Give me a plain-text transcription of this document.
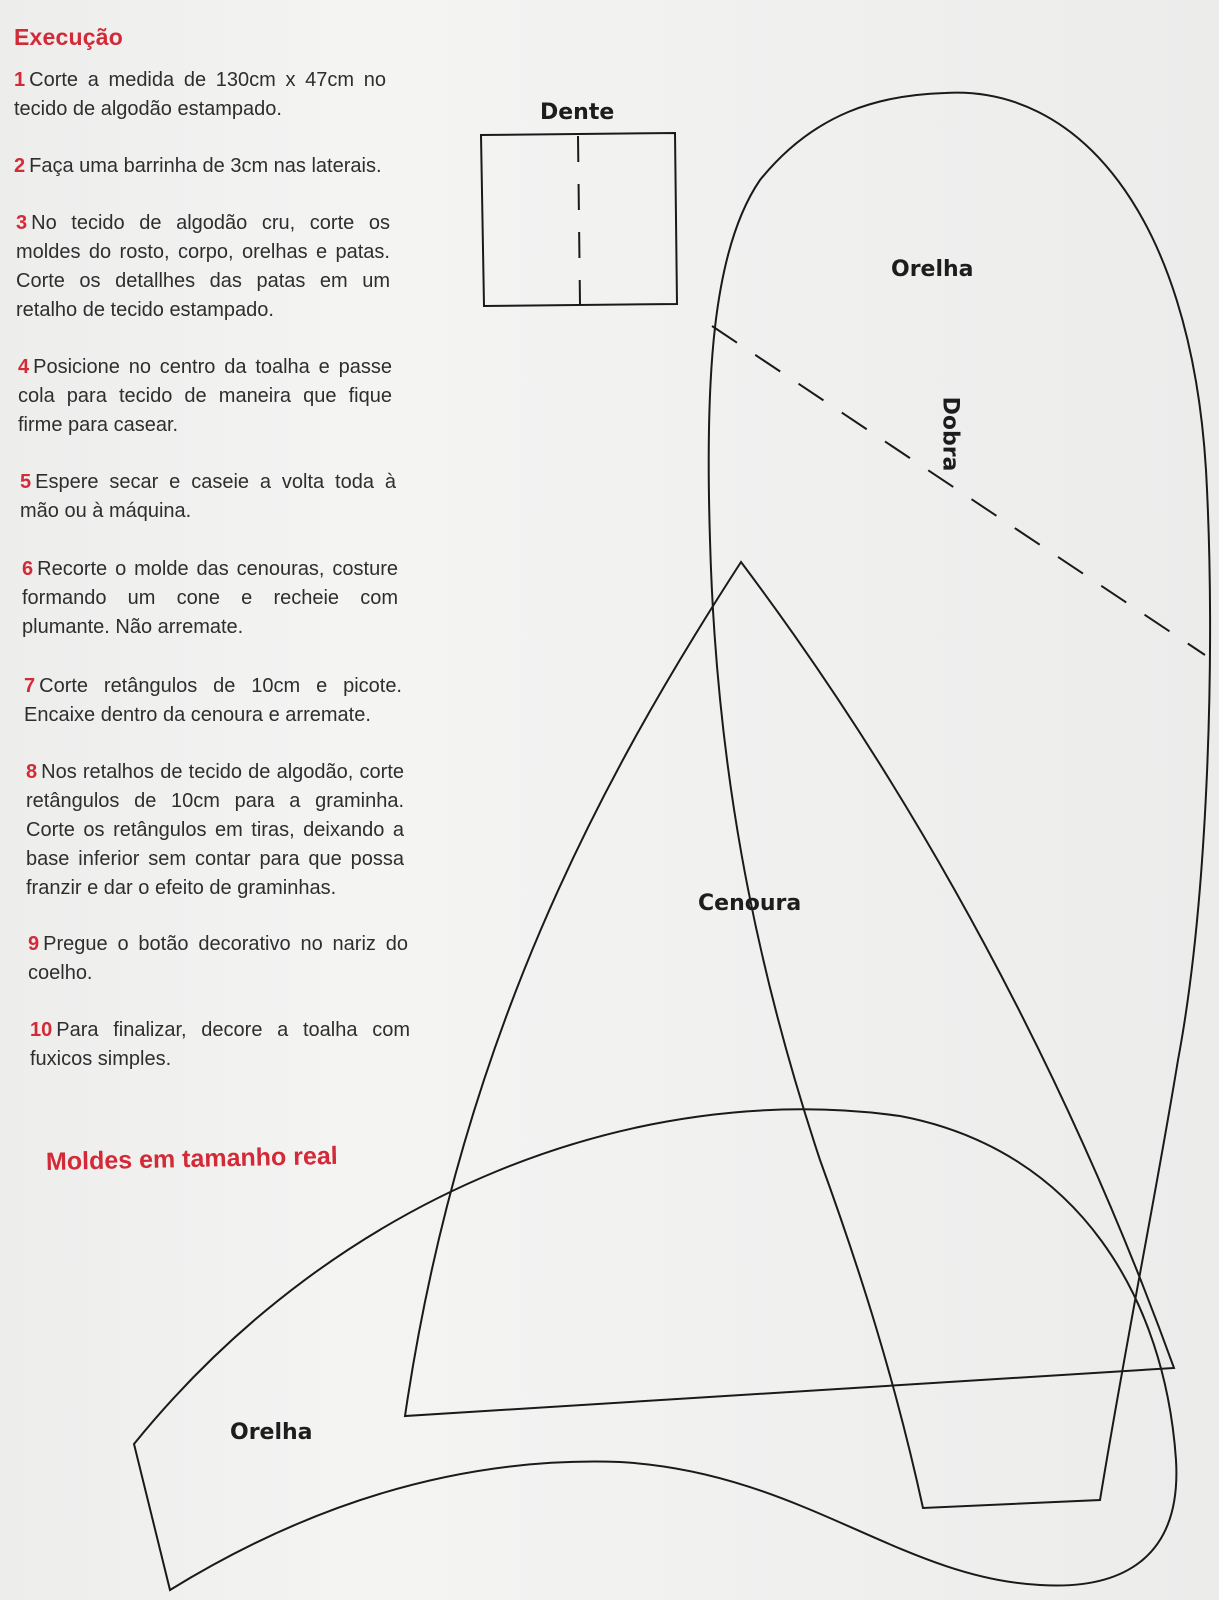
Execução

1 Corte a medida de 130cm x 47cm no tecido de algodão estampado.

2 Faça uma barrinha de 3cm nas laterais.

3 No tecido de algodão cru, corte os moldes do rosto, corpo, orelhas e patas. Corte os detallhes das patas em um retalho de tecido estampado.

4 Posicione no centro da toalha e passe cola para tecido de maneira que fique firme para casear.

5 Espere secar e caseie a volta toda à mão ou à máquina.

6 Recorte o molde das cenouras, costure formando um cone e recheie com plumante. Não arremate.

7 Corte retângulos de 10cm e picote. Encaixe dentro da cenoura e arremate.

8 Nos retalhos de tecido de algodão, corte retângulos de 10cm para a graminha. Corte os retângulos em tiras, deixando a base inferior sem contar para que possa franzir e dar o efeito de graminhas.

9 Pregue o botão decorativo no nariz do coelho.

10 Para finalizar, decore a toalha com fuxicos simples.

Moldes em tamanho real
Dente
Orelha
Dobra
Cenoura
Orelha
